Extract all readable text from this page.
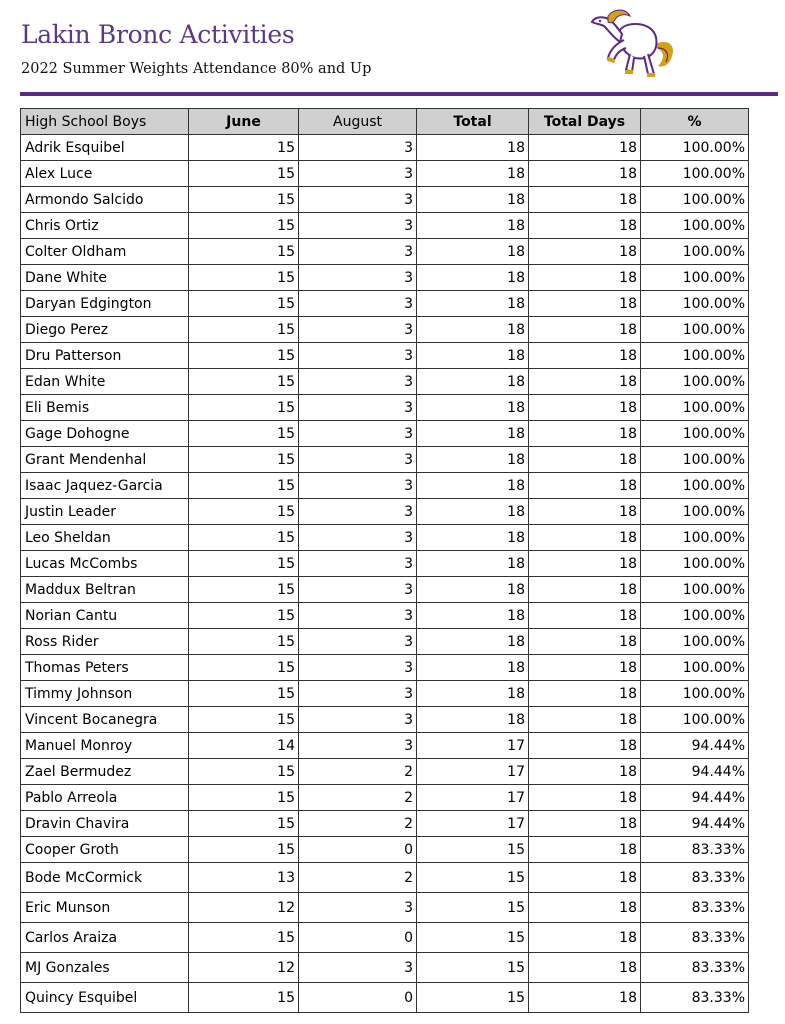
Lakin Bronc Activities
2022 Summer Weights Attendance 80% and Up
High School Boys	June	August	Total	Total Days	%
Adrik Esquibel	15	3	18	18	100.00%
Alex Luce	15	3	18	18	100.00%
Armondo Salcido	15	3	18	18	100.00%
Chris Ortiz	15	3	18	18	100.00%
Colter Oldham	15	3	18	18	100.00%
Dane White	15	3	18	18	100.00%
Daryan Edgington	15	3	18	18	100.00%
Diego Perez	15	3	18	18	100.00%
Dru Patterson	15	3	18	18	100.00%
Edan White	15	3	18	18	100.00%
Eli Bemis	15	3	18	18	100.00%
Gage Dohogne	15	3	18	18	100.00%
Grant Mendenhal	15	3	18	18	100.00%
Isaac Jaquez-Garcia	15	3	18	18	100.00%
Justin Leader	15	3	18	18	100.00%
Leo Sheldan	15	3	18	18	100.00%
Lucas McCombs	15	3	18	18	100.00%
Maddux Beltran	15	3	18	18	100.00%
Norian Cantu	15	3	18	18	100.00%
Ross Rider	15	3	18	18	100.00%
Thomas Peters	15	3	18	18	100.00%
Timmy Johnson	15	3	18	18	100.00%
Vincent Bocanegra	15	3	18	18	100.00%
Manuel Monroy	14	3	17	18	94.44%
Zael Bermudez	15	2	17	18	94.44%
Pablo Arreola	15	2	17	18	94.44%
Dravin Chavira	15	2	17	18	94.44%
Cooper Groth	15	0	15	18	83.33%
Bode McCormick	13	2	15	18	83.33%
Eric Munson	12	3	15	18	83.33%
Carlos Araiza	15	0	15	18	83.33%
MJ Gonzales	12	3	15	18	83.33%
Quincy Esquibel	15	0	15	18	83.33%
